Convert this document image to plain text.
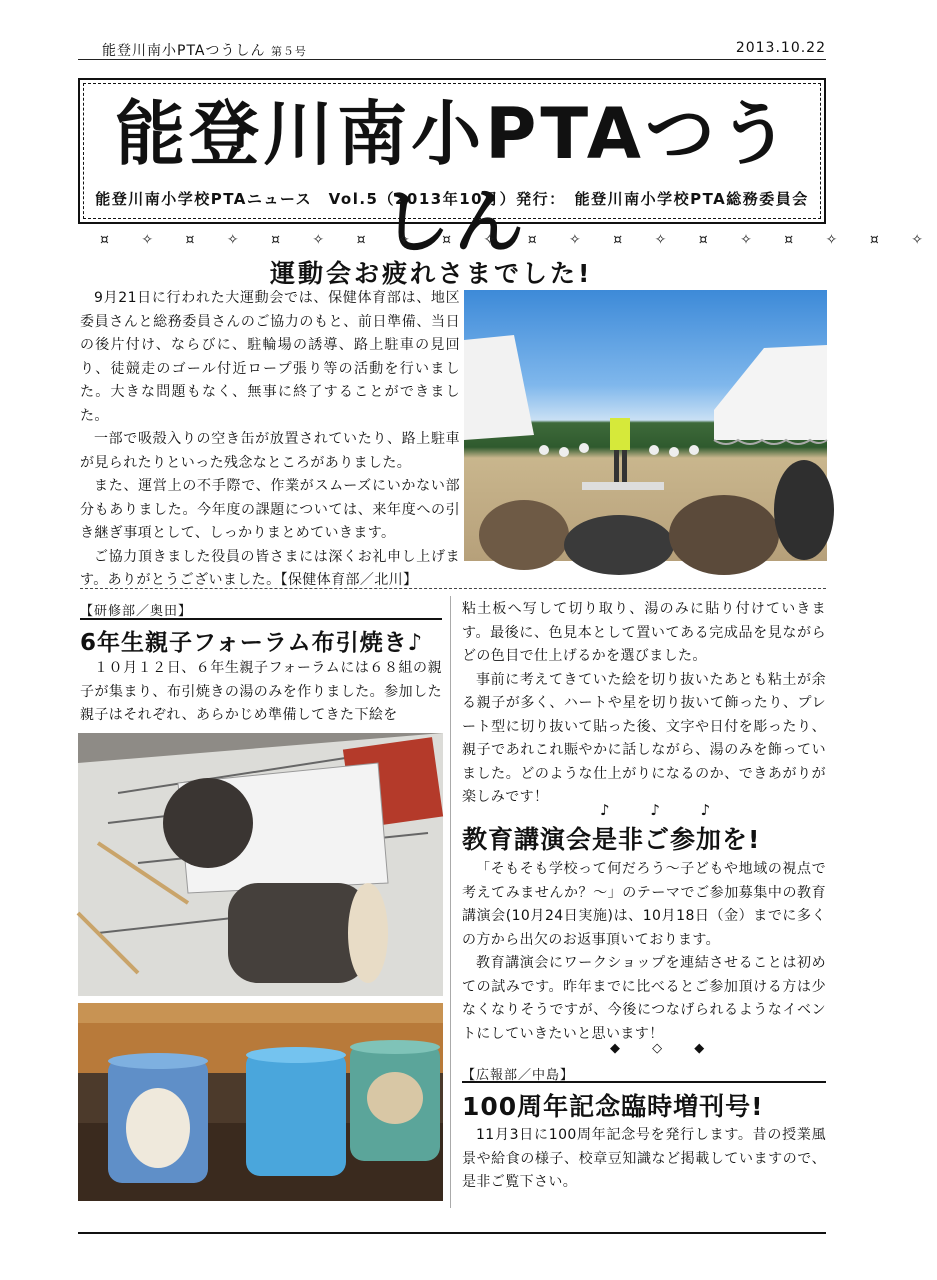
能登川南小PTAつうしん 第５号	2013.10.22
能登川南小PTAつうしん
能登川南小学校PTAニュース　Vol.5（2013年10月）発行：　能登川南小学校PTA総務委員会
¤ ✧ ¤ ✧ ¤ ✧ ¤ ✧ ¤ ✧ ¤ ✧ ¤ ✧ ¤ ✧ ¤ ✧ ¤ ✧
運動会お疲れさまでした!

9月21日に行われた大運動会では、保健体育部は、地区委員さんと総務委員さんのご協力のもと、前日準備、当日の後片付け、ならびに、駐輪場の誘導、路上駐車の見回り、徒競走のゴール付近ロープ張り等の活動を行いました。大きな問題もなく、無事に終了することができました。

一部で吸殻入りの空き缶が放置されていたり、路上駐車が見られたりといった残念なところがありました。

また、運営上の不手際で、作業がスムーズにいかない部分もありました。今年度の課題については、来年度への引き継ぎ事項として、しっかりまとめていきます。

ご協力頂きました役員の皆さまには深くお礼申し上げます。ありがとうございました。【保健体育部／北川】

【研修部／奥田】
6年生親子フォーラム布引焼き♪

１０月１２日、６年生親子フォーラムには６８組の親子が集まり、布引焼きの湯のみを作りました。参加した親子はそれぞれ、あらかじめ準備してきた下絵を

粘土板へ写して切り取り、湯のみに貼り付けていきます。最後に、色見本として置いてある完成品を見ながらどの色目で仕上げるかを選びました。

事前に考えてきていた絵を切り抜いたあとも粘土が余る親子が多く、ハートや星を切り抜いて飾ったり、プレート型に切り抜いて貼った後、文字や日付を彫ったり、親子であれこれ賑やかに話しながら、湯のみを飾っていました。どのような仕上がりになるのか、できあがりが楽しみです！

♪ ♪ ♪
教育講演会是非ご参加を!

「そもそも学校って何だろう～子どもや地域の視点で考えてみませんか？～」のテーマでご参加募集中の教育講演会(10月24日実施)は、10月18日（金）までに多くの方から出欠のお返事頂いております。

教育講演会にワークショップを連結させることは初めての試みです。昨年までに比べるとご参加頂ける方は少なくなりそうですが、今後につなげられるようなイベントにしていきたいと思います！

◆ ◇ ◆
【広報部／中島】
100周年記念臨時増刊号!

11月3日に100周年記念号を発行します。昔の授業風景や給食の様子、校章豆知識など掲載していますので、是非ご覧下さい。
